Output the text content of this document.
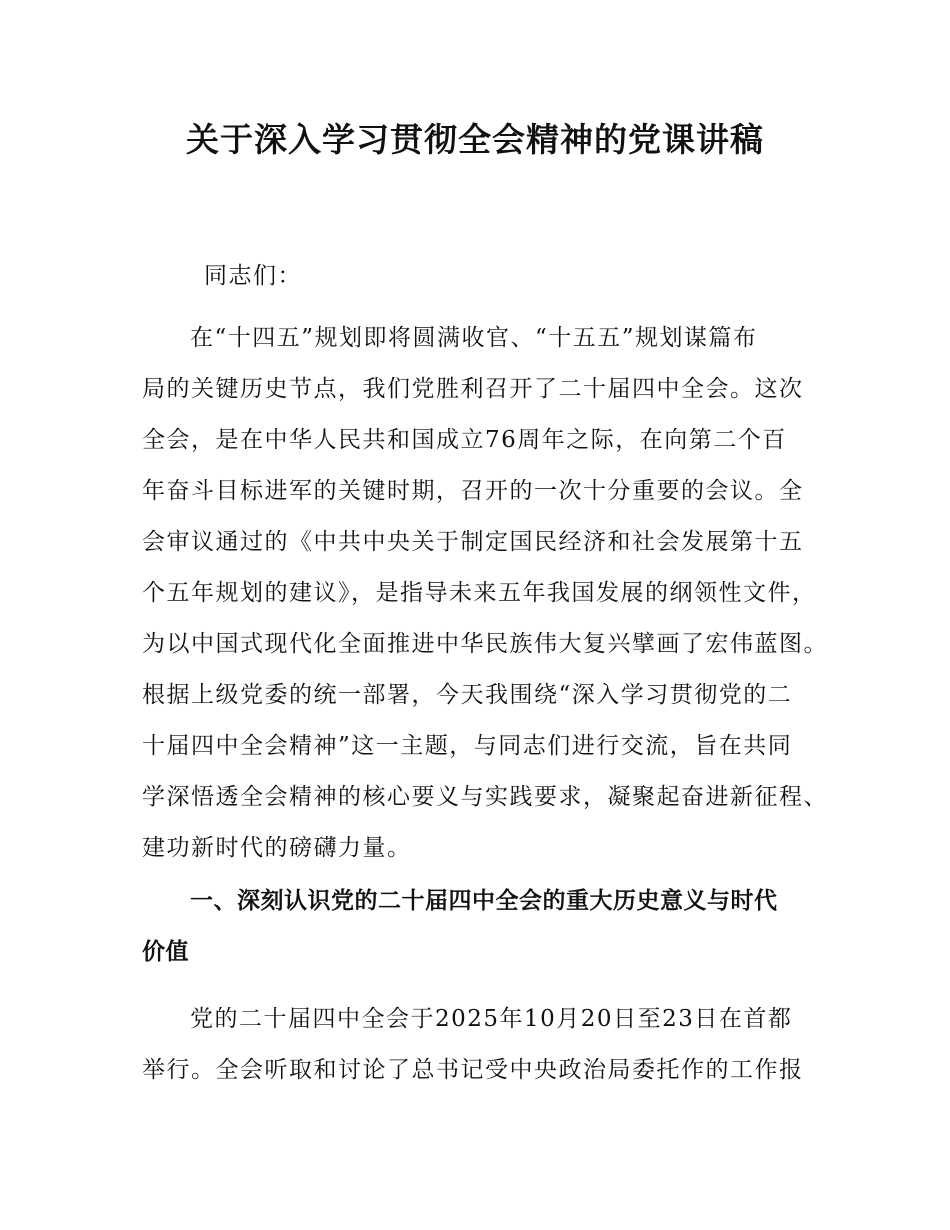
关于深入学习贯彻全会精神的党课讲稿
同志们：
在“十四五”规划即将圆满收官、“十五五”规划谋篇布
局的关键历史节点，我们党胜利召开了二十届四中全会。这次
全会，是在中华人民共和国成立76周年之际，在向第二个百
年奋斗目标进军的关键时期，召开的一次十分重要的会议。全
会审议通过的《中共中央关于制定国民经济和社会发展第十五
个五年规划的建议》，是指导未来五年我国发展的纲领性文件，
为以中国式现代化全面推进中华民族伟大复兴擘画了宏伟蓝图。
根据上级党委的统一部署，今天我围绕“深入学习贯彻党的二
十届四中全会精神”这一主题，与同志们进行交流，旨在共同
学深悟透全会精神的核心要义与实践要求，凝聚起奋进新征程、
建功新时代的磅礴力量。
一、深刻认识党的二十届四中全会的重大历史意义与时代
价值
党的二十届四中全会于2025年10月20日至23日在首都
举行。全会听取和讨论了总书记受中央政治局委托作的工作报
